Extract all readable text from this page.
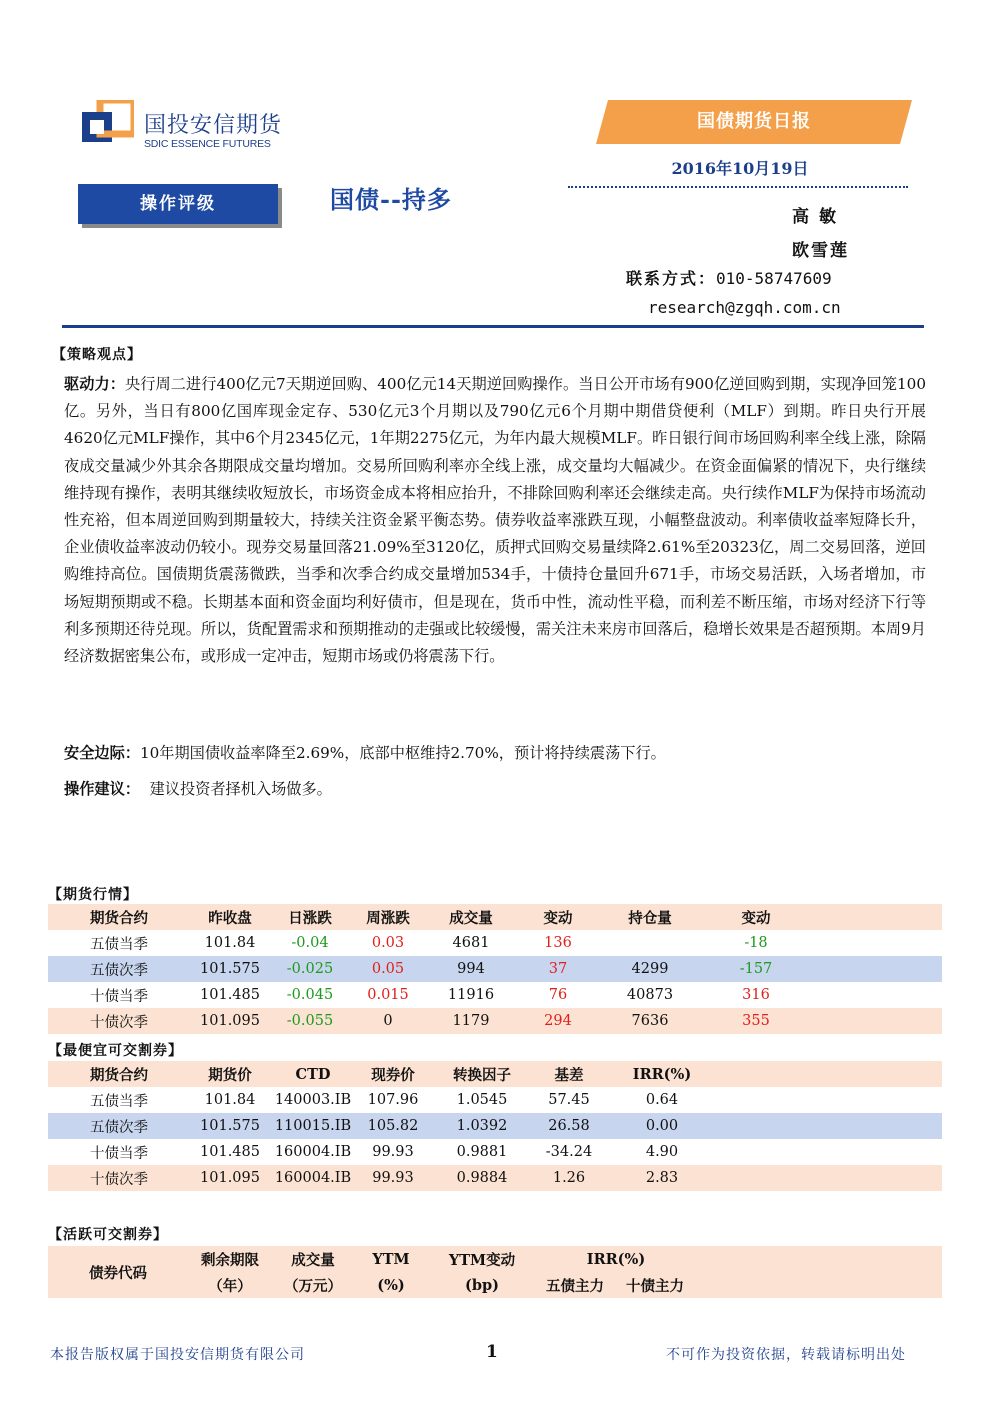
国投安信期货
SDIC ESSENCE FUTURES
国债期货日报
2016年10月19日
操作评级	国债--持多
高敏
欧雪莲
联系方式：010-58747609
research@zgqh.com.cn
【策略观点】
驱动力：央行周二进行400亿元7天期逆回购、400亿元14天期逆回购操作。当日公开市场有900亿逆回购到期，实现净回笼100亿。另外，当日有800亿国库现金定存、530亿元3个月期以及790亿元6个月期中期借贷便利（MLF）到期。昨日央行开展4620亿元MLF操作，其中6个月2345亿元，1年期2275亿元，为年内最大规模MLF。昨日银行间市场回购利率全线上涨，除隔夜成交量减少外其余各期限成交量均增加。交易所回购利率亦全线上涨，成交量均大幅减少。在资金面偏紧的情况下，央行继续维持现有操作，表明其继续收短放长，市场资金成本将相应抬升，不排除回购利率还会继续走高。央行续作MLF为保持市场流动性充裕，但本周逆回购到期量较大，持续关注资金紧平衡态势。债券收益率涨跌互现，小幅整盘波动。利率债收益率短降长升，企业债收益率波动仍较小。现券交易量回落21.09%至3120亿，质押式回购交易量续降2.61%至20323亿，周二交易回落，逆回购维持高位。国债期货震荡微跌，当季和次季合约成交量增加534手，十债持仓量回升671手，市场交易活跃，入场者增加，市场短期预期或不稳。长期基本面和资金面均利好债市，但是现在，货币中性，流动性平稳，而利差不断压缩，市场对经济下行等利多预期还待兑现。所以，货配置需求和预期推动的走强或比较缓慢，需关注未来房市回落后，稳增长效果是否超预期。本周9月经济数据密集公布，或形成一定冲击，短期市场或仍将震荡下行。
安全边际：10年期国债收益率降至2.69%，底部中枢维持2.70%，预计将持续震荡下行。
操作建议： 建议投资者择机入场做多。
【期货行情】
期货合约	昨收盘	日涨跌	周涨跌	成交量	变动	持仓量	变动	
五债当季	101.84	-0.04	0.03	4681	136		-18	
五债次季	101.575	-0.025	0.05	994	37	4299	-157	
十债当季	101.485	-0.045	0.015	11916	76	40873	316	
十债次季	101.095	-0.055	0	1179	294	7636	355	
【最便宜可交割券】
期货合约	期货价	CTD	现券价	转换因子	基差	IRR(%)	
五债当季	101.84	140003.IB	107.96	1.0545	57.45	0.64	
五债次季	101.575	110015.IB	105.82	1.0392	26.58	0.00	
十债当季	101.485	160004.IB	99.93	0.9881	-34.24	4.90	
十债次季	101.095	160004.IB	99.93	0.9884	1.26	2.83	
【活跃可交割券】
债券代码	剩余期限	成交量	YTM	YTM变动	IRR(%)		
	（年）	（万元）	(%)	(bp)	五债主力	十债主力	
本报告版权属于国投安信期货有限公司	1	不可作为投资依据，转载请标明出处
